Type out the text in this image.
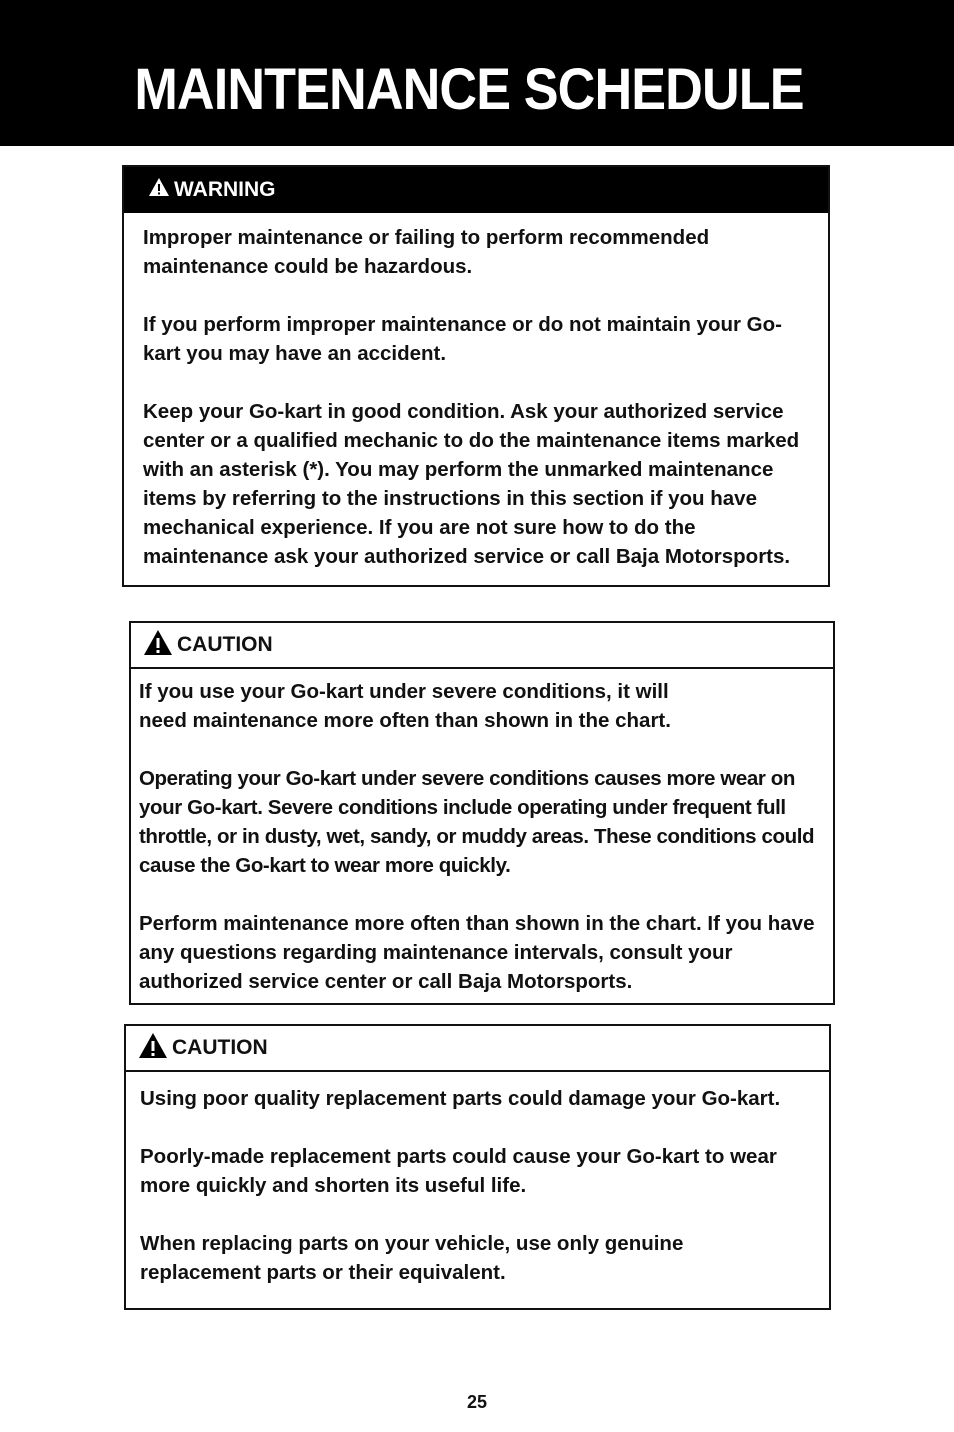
MAINTENANCE SCHEDULE
WARNING

Improper maintenance or failing to perform recommended maintenance could be hazardous.

If you perform improper maintenance or do not maintain your Go-kart you may have an accident.

Keep your Go-kart in good condition. Ask your authorized service center or a qualified mechanic to do the maintenance items marked with an asterisk (*). You may perform the unmarked maintenance items by referring to the instructions in this section if you have mechanical experience. If you are not sure how to do the maintenance ask your authorized service or call Baja Motorsports.

CAUTION

If you use your Go-kart under severe conditions, it will need maintenance more often than shown in the chart.

Operating your Go-kart under severe conditions causes more wear on your Go-kart. Severe conditions include operating under frequent full throttle, or in dusty, wet, sandy, or muddy areas. These conditions could cause the Go-kart to wear more quickly.

Perform maintenance more often than shown in the chart. If you have any questions regarding maintenance intervals, consult your authorized service center or call Baja Motorsports.

CAUTION

Using poor quality replacement parts could damage your Go-kart.

Poorly-made replacement parts could cause your Go-kart to wear more quickly and shorten its useful life.

When replacing parts on your vehicle, use only genuine replacement parts or their equivalent.

25
